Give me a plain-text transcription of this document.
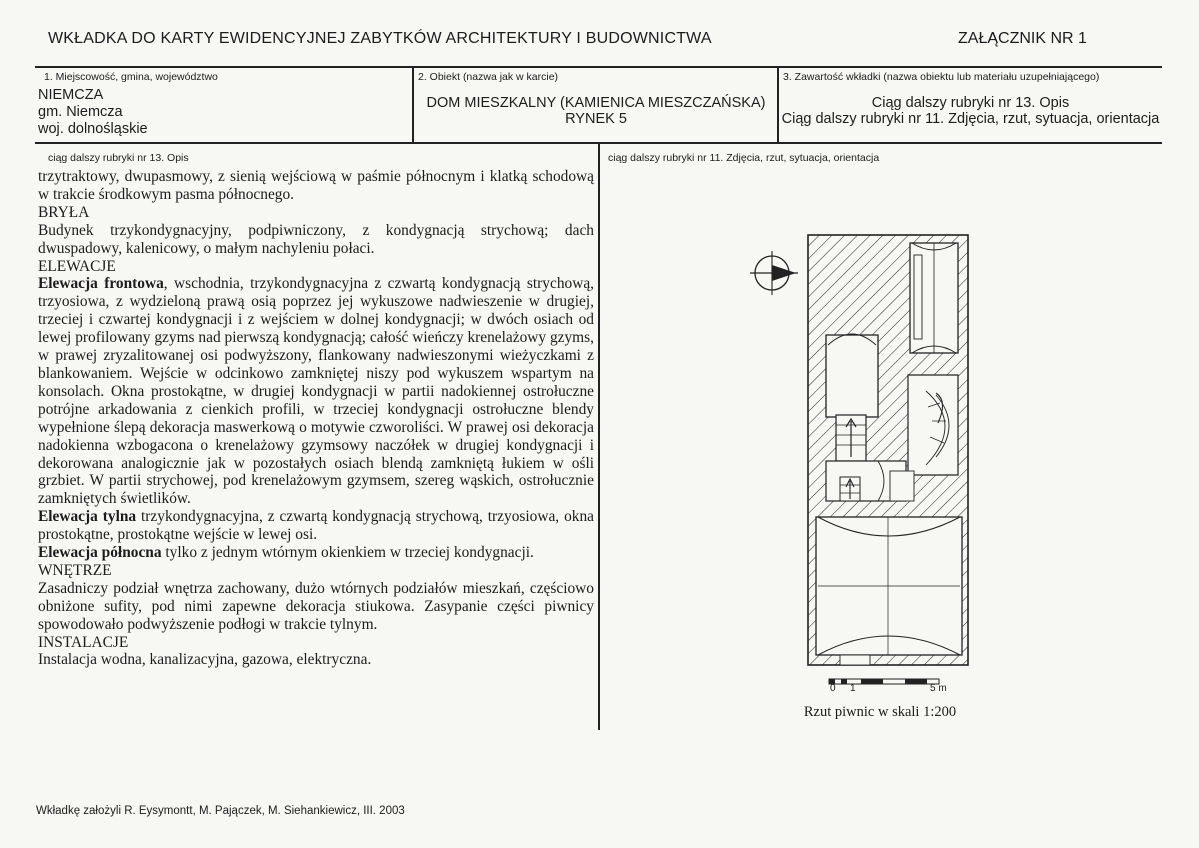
WKŁADKA DO KARTY EWIDENCYJNEJ ZABYTKÓW ARCHITEKTURY I BUDOWNICTWA	ZAŁĄCZNIK NR 1
1. Miejscowość, gmina, województwo
NIEMCZA
gm. Niemcza
woj. dolnośląskie
2. Obiekt (nazwa jak w karcie)
DOM MIESZKALNY (KAMIENICA MIESZCZAŃSKA)
RYNEK 5
3. Zawartość wkładki (nazwa obiektu lub materiału uzupełniającego)
Ciąg dalszy rubryki nr 13. Opis
Ciąg dalszy rubryki nr 11. Zdjęcia, rzut, sytuacja, orientacja
ciąg dalszy rubryki nr 13. Opis

trzytraktowy, dwupasmowy, z sienią wejściową w paśmie północnym i klatką schodową w trakcie środkowym pasma północnego.

BRYŁA

Budynek trzykondygnacyjny, podpiwniczony, z kondygnacją strychową; dach dwuspadowy, kalenicowy, o małym nachyleniu połaci.

ELEWACJE

Elewacja frontowa, wschodnia, trzykondygnacyjna z czwartą kondygnacją strychową, trzyosiowa, z wydzieloną prawą osią poprzez jej wykuszowe nadwieszenie w drugiej, trzeciej i czwartej kondygnacji i z wejściem w dolnej kondygnacji; w dwóch osiach od lewej profilowany gzyms nad pierwszą kondygnacją; całość wieńczy krenelażowy gzyms, w prawej zryzalitowanej osi podwyższony, flankowany nadwieszonymi wieżyczkami z blankowaniem. Wejście w odcinkowo zamkniętej niszy pod wykuszem wspartym na konsolach. Okna prostokątne, w drugiej kondygnacji w partii nadokiennej ostrołuczne potrójne arkadowania z cienkich profili, w trzeciej kondygnacji ostrołuczne blendy wypełnione ślepą dekoracja maswerkową o motywie czworoliści. W prawej osi dekoracja nadokienna wzbogacona o krenelażowy gzymsowy naczółek w drugiej kondygnacji i dekorowana analogicznie jak w pozostałych osiach blendą zamkniętą łukiem w ośli grzbiet. W partii strychowej, pod krenelażowym gzymsem, szereg wąskich, ostrołucznie zamkniętych świetlików.

Elewacja tylna trzykondygnacyjna, z czwartą kondygnacją strychową, trzyosiowa, okna prostokątne, prostokątne wejście w lewej osi.

Elewacja północna tylko z jednym wtórnym okienkiem w trzeciej kondygnacji.

WNĘTRZE

Zasadniczy podział wnętrza zachowany, dużo wtórnych podziałów mieszkań, częściowo obniżone sufity, pod nimi zapewne dekoracja stiukowa. Zasypanie części piwnicy spowodowało podwyższenie podłogi w trakcie tylnym.

INSTALACJE

Instalacja wodna, kanalizacyjna, gazowa, elektryczna.

ciąg dalszy rubryki nr 11. Zdjęcia, rzut, sytuacja, orientacja
0 1	5 m
Rzut piwnic w skali 1:200
Wkładkę założyli R. Eysymontt, M. Pajączek, M. Siehankiewicz, III. 2003
